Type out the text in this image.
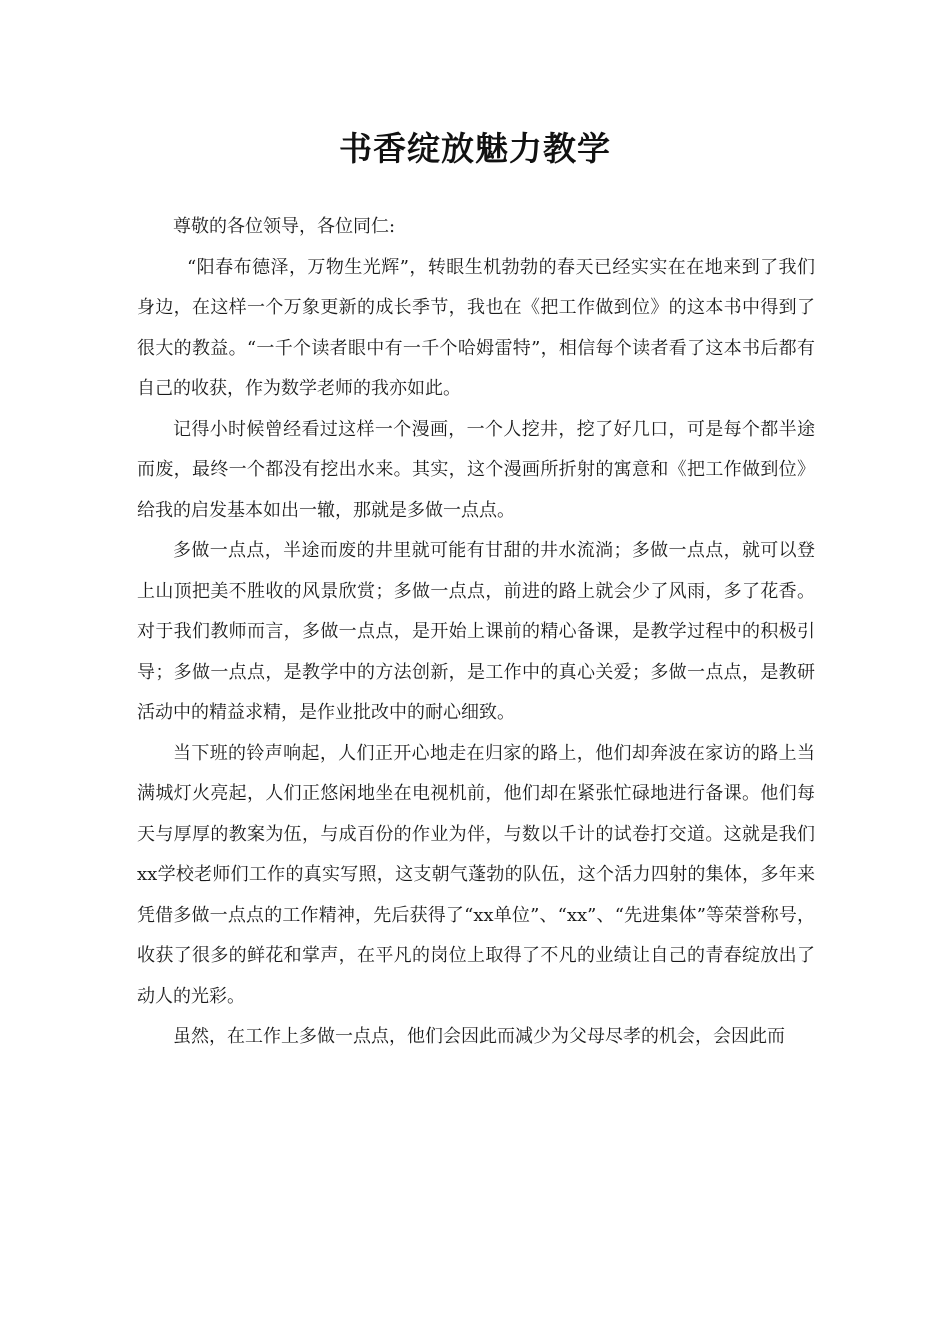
书香绽放魅力教学

尊敬的各位领导，各位同仁:

“阳春布德泽，万物生光辉”，转眼生机勃勃的春天已经实实在在地来到了我们身边，在这样一个万象更新的成长季节，我也在《把工作做到位》的这本书中得到了很大的教益。“一千个读者眼中有一千个哈姆雷特”，相信每个读者看了这本书后都有自己的收获，作为数学老师的我亦如此。

记得小时候曾经看过这样一个漫画，一个人挖井，挖了好几口，可是每个都半途而废，最终一个都没有挖出水来。其实，这个漫画所折射的寓意和《把工作做到位》给我的启发基本如出一辙，那就是多做一点点。

多做一点点，半途而废的井里就可能有甘甜的井水流淌；多做一点点，就可以登上山顶把美不胜收的风景欣赏；多做一点点，前进的路上就会少了风雨，多了花香。对于我们教师而言，多做一点点，是开始上课前的精心备课，是教学过程中的积极引导；多做一点点，是教学中的方法创新，是工作中的真心关爱；多做一点点，是教研活动中的精益求精，是作业批改中的耐心细致。

当下班的铃声响起，人们正开心地走在归家的路上，他们却奔波在家访的路上当满城灯火亮起，人们正悠闲地坐在电视机前，他们却在紧张忙碌地进行备课。他们每天与厚厚的教案为伍，与成百份的作业为伴，与数以千计的试卷打交道。这就是我们xx学校老师们工作的真实写照，这支朝气蓬勃的队伍，这个活力四射的集体，多年来凭借多做一点点的工作精神，先后获得了“xx单位”、“xx”、“先进集体”等荣誉称号，收获了很多的鲜花和掌声，在平凡的岗位上取得了不凡的业绩让自己的青春绽放出了动人的光彩。

虽然，在工作上多做一点点，他们会因此而减少为父母尽孝的机会，会因此而
